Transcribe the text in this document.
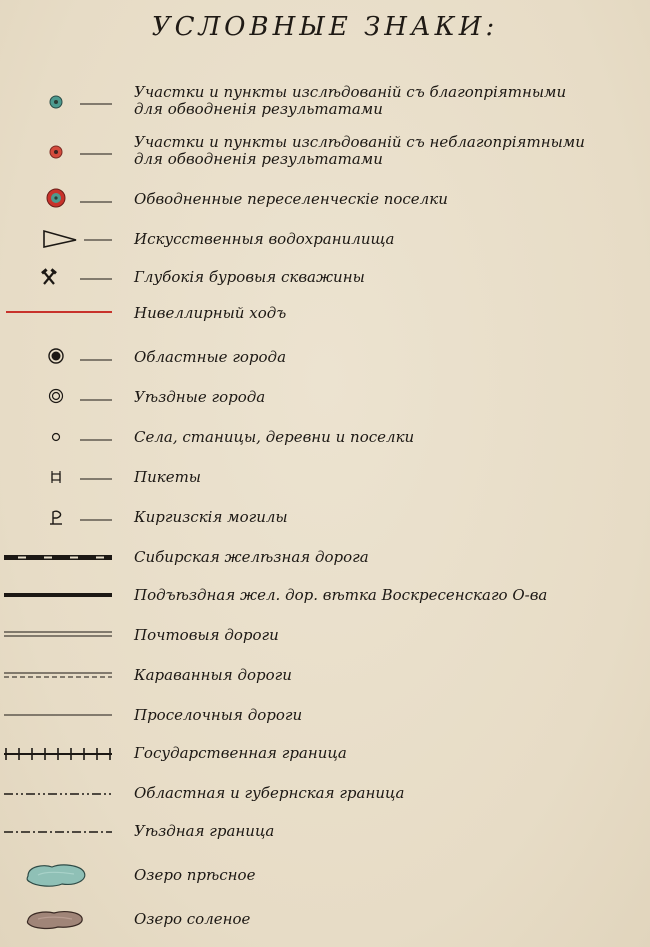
УСЛОВНЫЕ ЗНАКИ:
Участки и пункты изслѣдованій съ благопріятными
для обводненія результатами
Участки и пункты изслѣдованій съ неблагопріятными
для обводненія результатами
Обводненные переселенческіе поселки
Искусственныя водохранилища
Глубокія буровыя скважины
Нивеллирный ходъ
Областные города
Уѣздные города
Села, станицы, деревни и поселки
Пикеты
Киргизскія могилы
Сибирская желѣзная дорога
Подъѣздная жел. дор. вѣтка Воскресенскаго О-ва
Почтовыя дороги
Караванныя дороги
Проселочныя дороги
Государственная граница
Областная и губернская граница
Уѣздная граница
Озеро прѣсное
Озеро соленое
